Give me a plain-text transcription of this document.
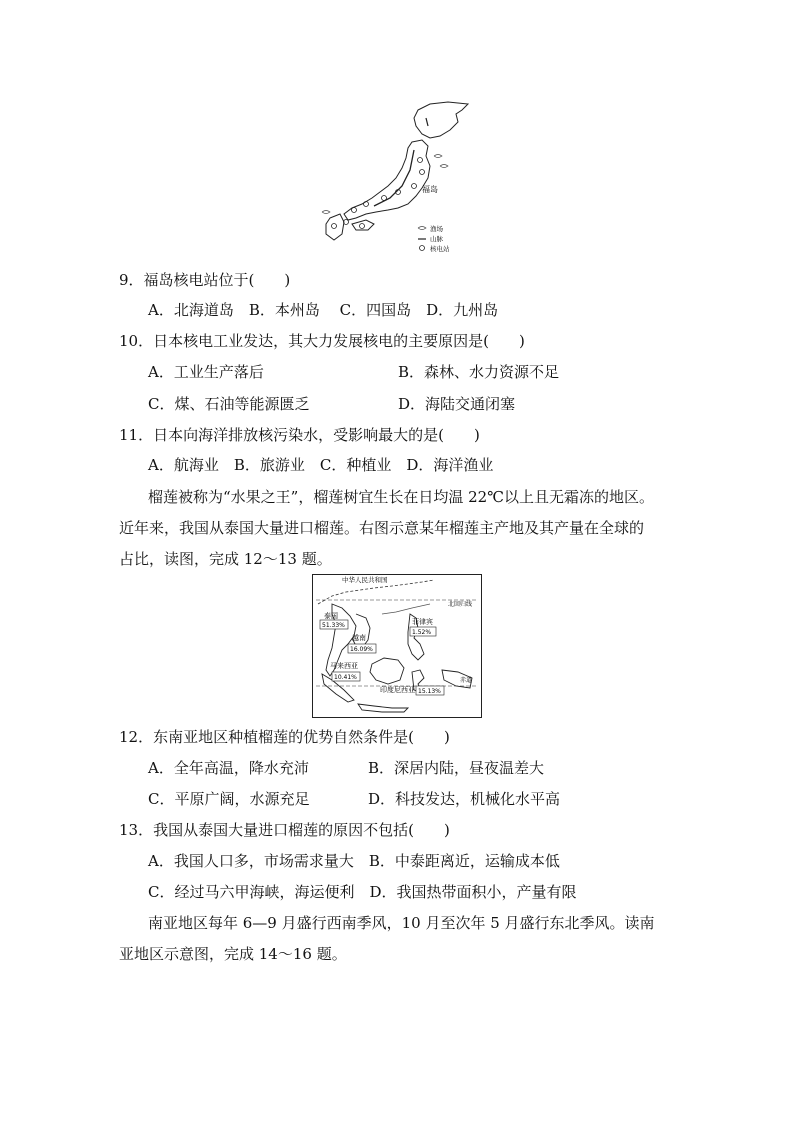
福岛
渔场
山脉
核电站
9．福岛核电站位于(　　)
A．北海道岛　B．本州岛　 C．四国岛　D．九州岛
10．日本核电工业发达，其大力发展核电的主要原因是(　　)
A．工业生产落后	B．森林、水力资源不足
C．煤、石油等能源匮乏	D．海陆交通闭塞
11．日本向海洋排放核污染水，受影响最大的是(　　)
A．航海业　B．旅游业　C．种植业　D．海洋渔业
榴莲被称为“水果之王”，榴莲树宜生长在日均温 22℃以上且无霜冻的地区。
近年来，我国从泰国大量进口榴莲。右图示意某年榴莲主产地及其产量在全球的
占比，读图，完成 12～13 题。
中华人民共和国
北回归线
泰国
51.33%
越南
16.09%
菲律宾
1.52%
马来西亚
10.41%
印度尼西亚 15.13%
赤道
12．东南亚地区种植榴莲的优势自然条件是(　　)
A．全年高温，降水充沛	B．深居内陆，昼夜温差大
C．平原广阔，水源充足	D．科技发达，机械化水平高
13．我国从泰国大量进口榴莲的原因不包括(　　)
A．我国人口多，市场需求量大　B．中泰距离近，运输成本低
C．经过马六甲海峡，海运便利　D．我国热带面积小，产量有限
南亚地区每年 6—9 月盛行西南季风，10 月至次年 5 月盛行东北季风。读南
亚地区示意图，完成 14～16 题。
